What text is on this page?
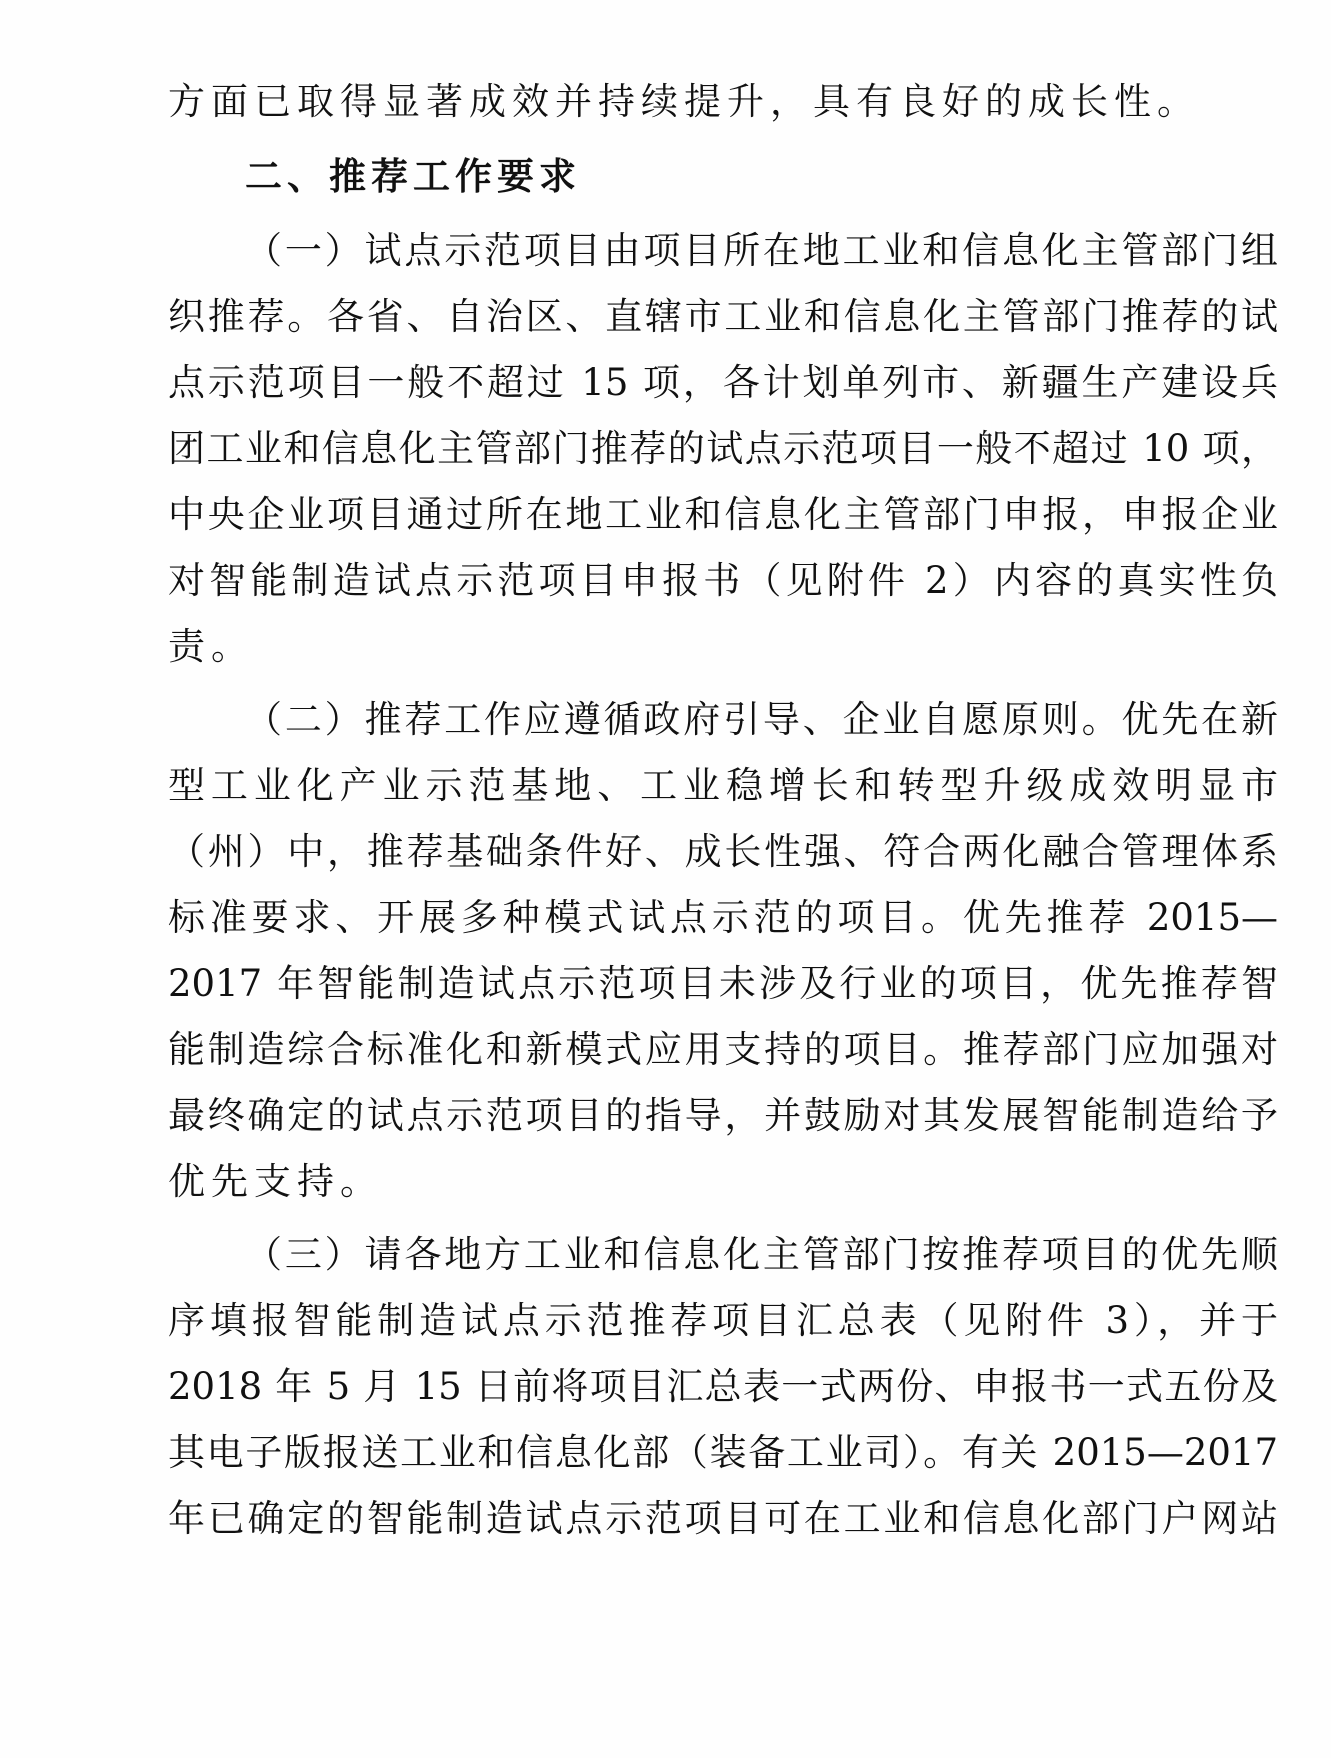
方面已取得显著成效并持续提升，具有良好的成长性。
二、推荐工作要求
（一）试点示范项目由项目所在地工业和信息化主管部门组
织推荐。各省、自治区、直辖市工业和信息化主管部门推荐的试
点示范项目一般不超过 15 项，各计划单列市、新疆生产建设兵
团工业和信息化主管部门推荐的试点示范项目一般不超过 10 项，
中央企业项目通过所在地工业和信息化主管部门申报，申报企业
对智能制造试点示范项目申报书（见附件 2）内容的真实性负
责。
（二）推荐工作应遵循政府引导、企业自愿原则。优先在新
型工业化产业示范基地、工业稳增长和转型升级成效明显市
（州）中，推荐基础条件好、成长性强、符合两化融合管理体系
标准要求、开展多种模式试点示范的项目。优先推荐 2015—
2017 年智能制造试点示范项目未涉及行业的项目，优先推荐智
能制造综合标准化和新模式应用支持的项目。推荐部门应加强对
最终确定的试点示范项目的指导，并鼓励对其发展智能制造给予
优先支持。
（三）请各地方工业和信息化主管部门按推荐项目的优先顺
序填报智能制造试点示范推荐项目汇总表（见附件 3），并于
2018 年 5 月 15 日前将项目汇总表一式两份、申报书一式五份及
其电子版报送工业和信息化部（装备工业司）。有关 2015—2017
年已确定的智能制造试点示范项目可在工业和信息化部门户网站
